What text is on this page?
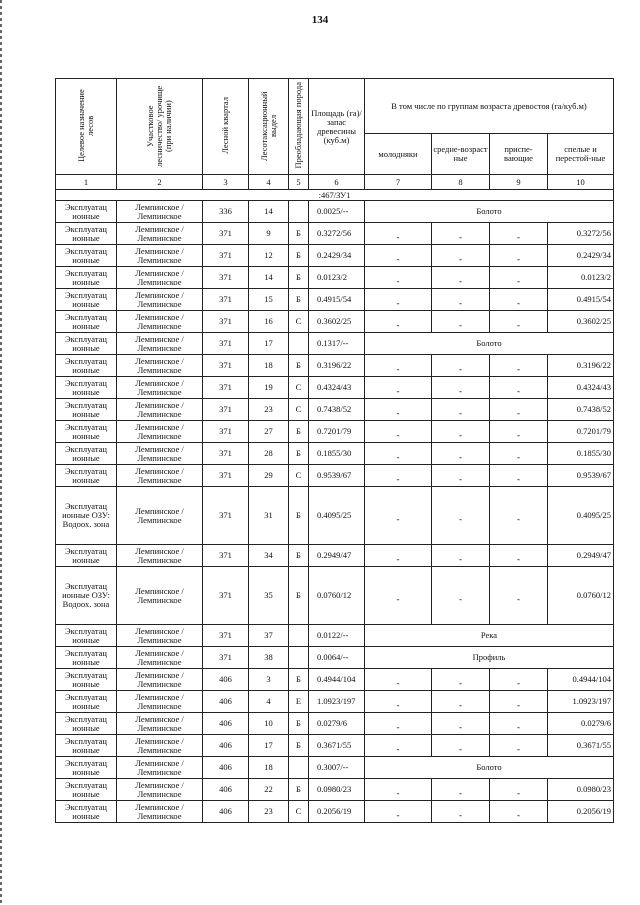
134
Целевое назначение лесов	Участковое лесничество/ урочище (при наличии)	Лесной квартал	Лесотаксационный выдел	Преобладающая порода	Площадь (га)/запас древесины (куб.м)	В том числе по группам возраста древостоя (га/куб.м)			
						молодняки	средне-возраст ные	приспе-вающие	спелые и перестой-ные
1	2	3	4	5	6	7	8	9	10
:467/ЗУ1									
Эксплуатац ионные	Лемпинское / Лемпинское	336	14		0.0025/--	Болото			
Эксплуатац ионные	Лемпинское / Лемпинское	371	9	Б	0.3272/56	-	-	-	0.3272/56
Эксплуатац ионные	Лемпинское / Лемпинское	371	12	Б	0.2429/34	-	-	-	0.2429/34
Эксплуатац ионные	Лемпинское / Лемпинское	371	14	Б	0.0123/2	-	-	-	0.0123/2
Эксплуатац ионные	Лемпинское / Лемпинское	371	15	Б	0.4915/54	-	-	-	0.4915/54
Эксплуатац ионные	Лемпинское / Лемпинское	371	16	С	0.3602/25	-	-	-	0.3602/25
Эксплуатац ионные	Лемпинское / Лемпинское	371	17		0.1317/--	Болото			
Эксплуатац ионные	Лемпинское / Лемпинское	371	18	Б	0.3196/22	-	-	-	0.3196/22
Эксплуатац ионные	Лемпинское / Лемпинское	371	19	С	0.4324/43	-	-	-	0.4324/43
Эксплуатац ионные	Лемпинское / Лемпинское	371	23	С	0.7438/52	-	-	-	0.7438/52
Эксплуатац ионные	Лемпинское / Лемпинское	371	27	Б	0.7201/79	-	-	-	0.7201/79
Эксплуатац ионные	Лемпинское / Лемпинское	371	28	Б	0.1855/30	-	-	-	0.1855/30
Эксплуатац ионные	Лемпинское / Лемпинское	371	29	С	0.9539/67	-	-	-	0.9539/67
Эксплуатац ионные ОЗУ: Водоох. зона	Лемпинское / Лемпинское	371	31	Б	0.4095/25	-	-	-	0.4095/25
Эксплуатац ионные	Лемпинское / Лемпинское	371	34	Б	0.2949/47	-	-	-	0.2949/47
Эксплуатац ионные ОЗУ: Водоох. зона	Лемпинское / Лемпинское	371	35	Б	0.0760/12	-	-	-	0.0760/12
Эксплуатац ионные	Лемпинское / Лемпинское	371	37		0.0122/--	Река			
Эксплуатац ионные	Лемпинское / Лемпинское	371	38		0.0064/--	Профиль			
Эксплуатац ионные	Лемпинское / Лемпинское	406	3	Б	0.4944/104	-	-	-	0.4944/104
Эксплуатац ионные	Лемпинское / Лемпинское	406	4	Е	1.0923/197	-	-	-	1.0923/197
Эксплуатац ионные	Лемпинское / Лемпинское	406	10	Б	0.0279/6	-	-	-	0.0279/6
Эксплуатац ионные	Лемпинское / Лемпинское	406	17	Б	0.3671/55	-	-	-	0.3671/55
Эксплуатац ионные	Лемпинское / Лемпинское	406	18		0.3007/--	Болото			
Эксплуатац ионные	Лемпинское / Лемпинское	406	22	Б	0.0980/23	-	-	-	0.0980/23
Эксплуатац ионные	Лемпинское / Лемпинское	406	23	С	0.2056/19	-	-	-	0.2056/19
